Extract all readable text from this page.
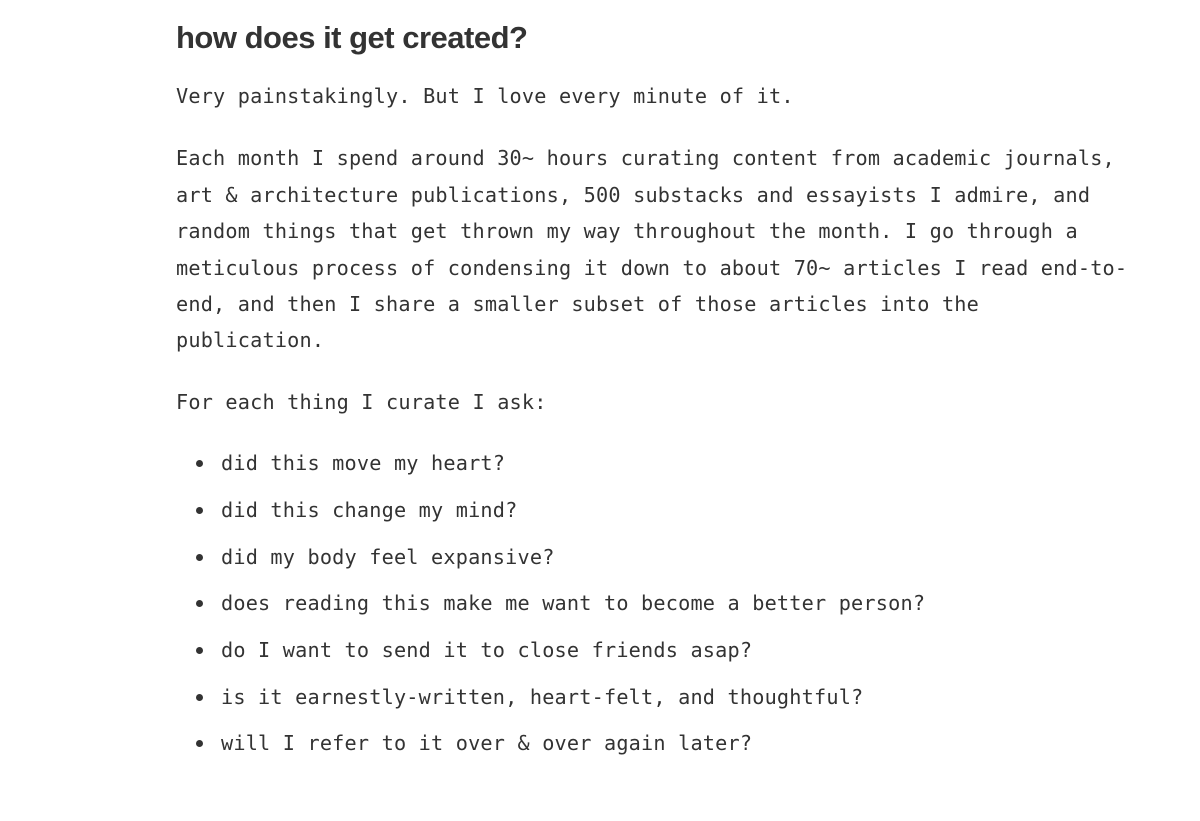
how does it get created?

Very painstakingly. But I love every minute of it.

Each month I spend around 30~ hours curating content from academic journals, art & architecture publications, 500 substacks and essayists I admire, and random things that get thrown my way throughout the month. I go through a meticulous process of condensing it down to about 70~ articles I read end-to-end, and then I share a smaller subset of those articles into the publication.

For each thing I curate I ask:

did this move my heart?
did this change my mind?
did my body feel expansive?
does reading this make me want to become a better person?
do I want to send it to close friends asap?
is it earnestly-written, heart-felt, and thoughtful?
will I refer to it over & over again later?
